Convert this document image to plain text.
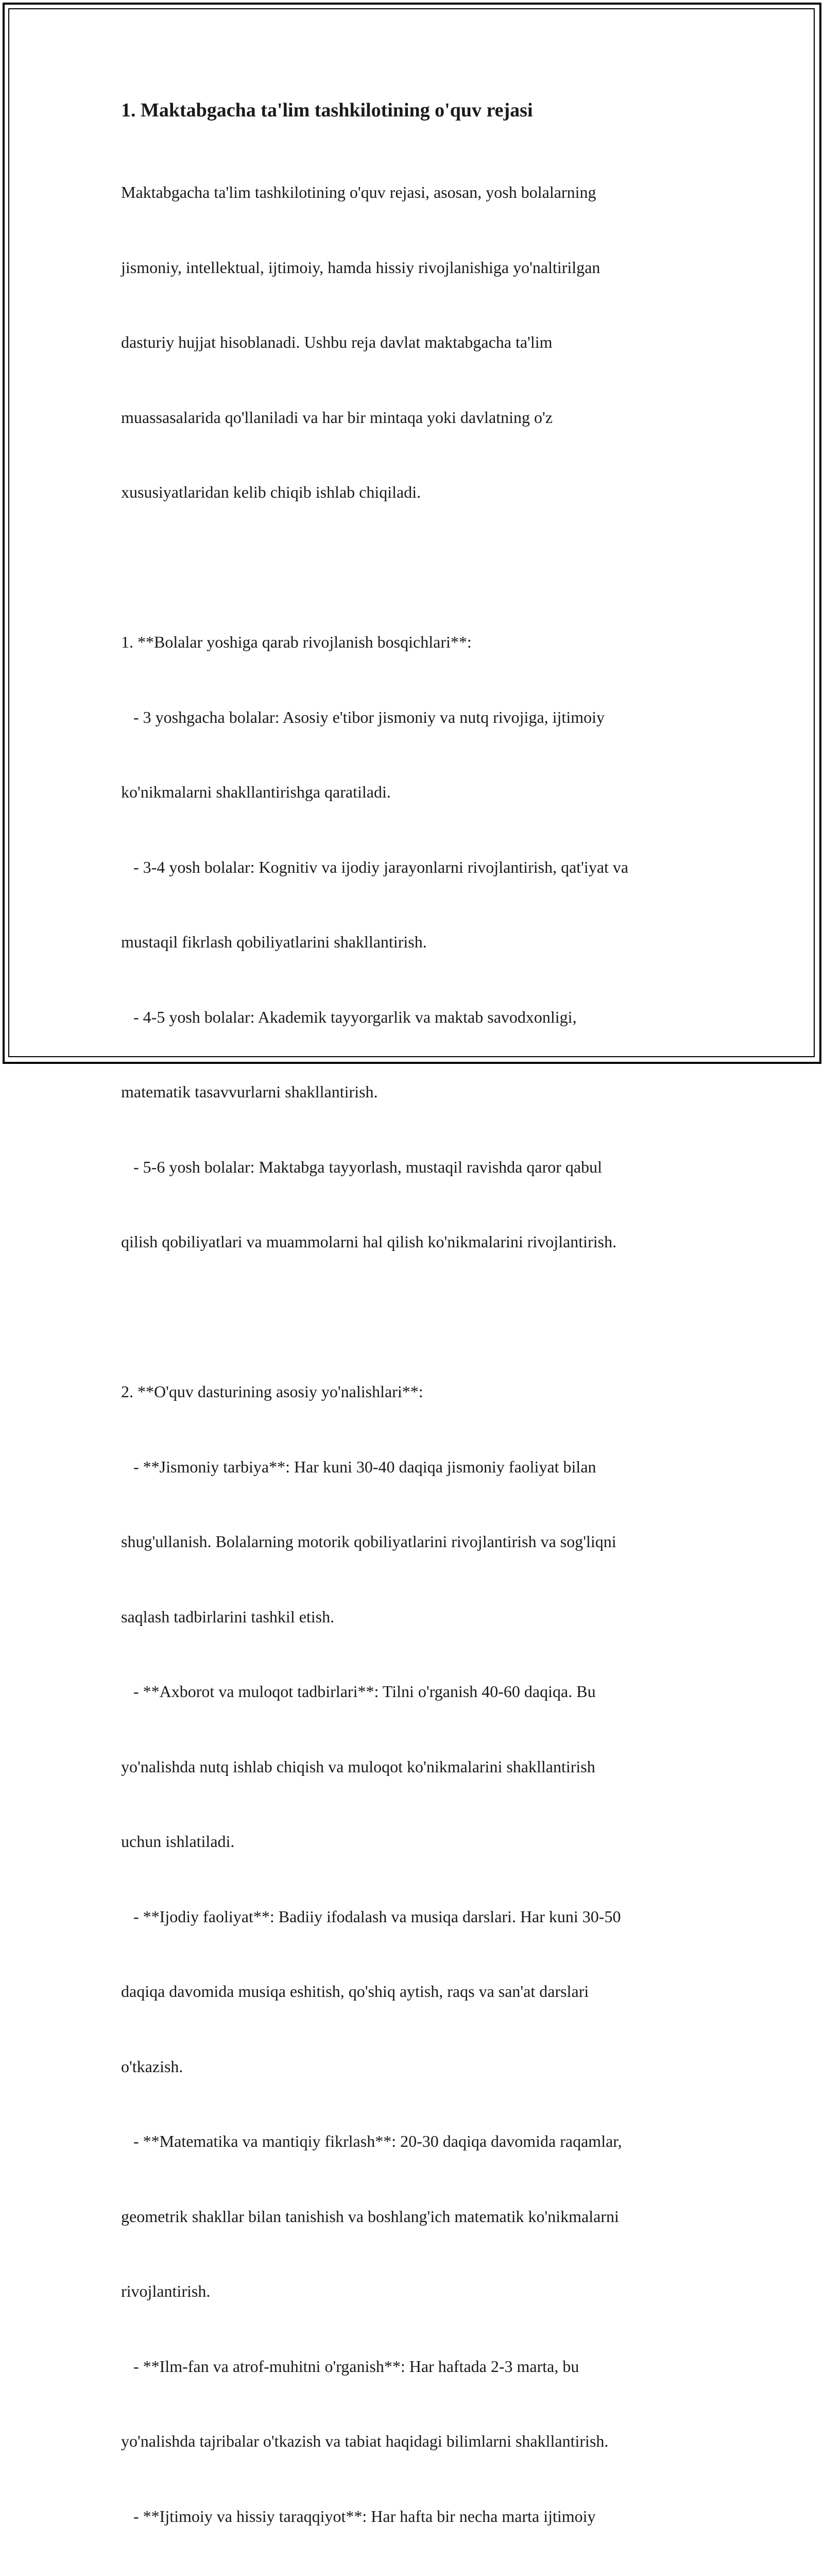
1. Maktabgacha ta'lim tashkilotining o'quv rejasi

Maktabgacha ta'lim tashkilotining o'quv rejasi, asosan, yosh bolalarning

jismoniy, intellektual, ijtimoiy, hamda hissiy rivojlanishiga yo'naltirilgan

dasturiy hujjat hisoblanadi. Ushbu reja davlat maktabgacha ta'lim

muassasalarida qo'llaniladi va har bir mintaqa yoki davlatning o'z

xususiyatlaridan kelib chiqib ishlab chiqiladi.

1. **Bolalar yoshiga qarab rivojlanish bosqichlari**:

- 3 yoshgacha bolalar: Asosiy e'tibor jismoniy va nutq rivojiga, ijtimoiy

ko'nikmalarni shakllantirishga qaratiladi.

- 3-4 yosh bolalar: Kognitiv va ijodiy jarayonlarni rivojlantirish, qat'iyat va

mustaqil fikrlash qobiliyatlarini shakllantirish.

- 4-5 yosh bolalar: Akademik tayyorgarlik va maktab savodxonligi,

matematik tasavvurlarni shakllantirish.

- 5-6 yosh bolalar: Maktabga tayyorlash, mustaqil ravishda qaror qabul

qilish qobiliyatlari va muammolarni hal qilish ko'nikmalarini rivojlantirish.

2. **O'quv dasturining asosiy yo'nalishlari**:

- **Jismoniy tarbiya**: Har kuni 30-40 daqiqa jismoniy faoliyat bilan

shug'ullanish. Bolalarning motorik qobiliyatlarini rivojlantirish va sog'liqni

saqlash tadbirlarini tashkil etish.

- **Axborot va muloqot tadbirlari**: Tilni o'rganish 40-60 daqiqa. Bu

yo'nalishda nutq ishlab chiqish va muloqot ko'nikmalarini shakllantirish

uchun ishlatiladi.

- **Ijodiy faoliyat**: Badiiy ifodalash va musiqa darslari. Har kuni 30-50

daqiqa davomida musiqa eshitish, qo'shiq aytish, raqs va san'at darslari

o'tkazish.

- **Matematika va mantiqiy fikrlash**: 20-30 daqiqa davomida raqamlar,

geometrik shakllar bilan tanishish va boshlang'ich matematik ko'nikmalarni

rivojlantirish.

- **Ilm-fan va atrof-muhitni o'rganish**: Har haftada 2-3 marta, bu

yo'nalishda tajribalar o'tkazish va tabiat haqidagi bilimlarni shakllantirish.

- **Ijtimoiy va hissiy taraqqiyot**: Har hafta bir necha marta ijtimoiy
